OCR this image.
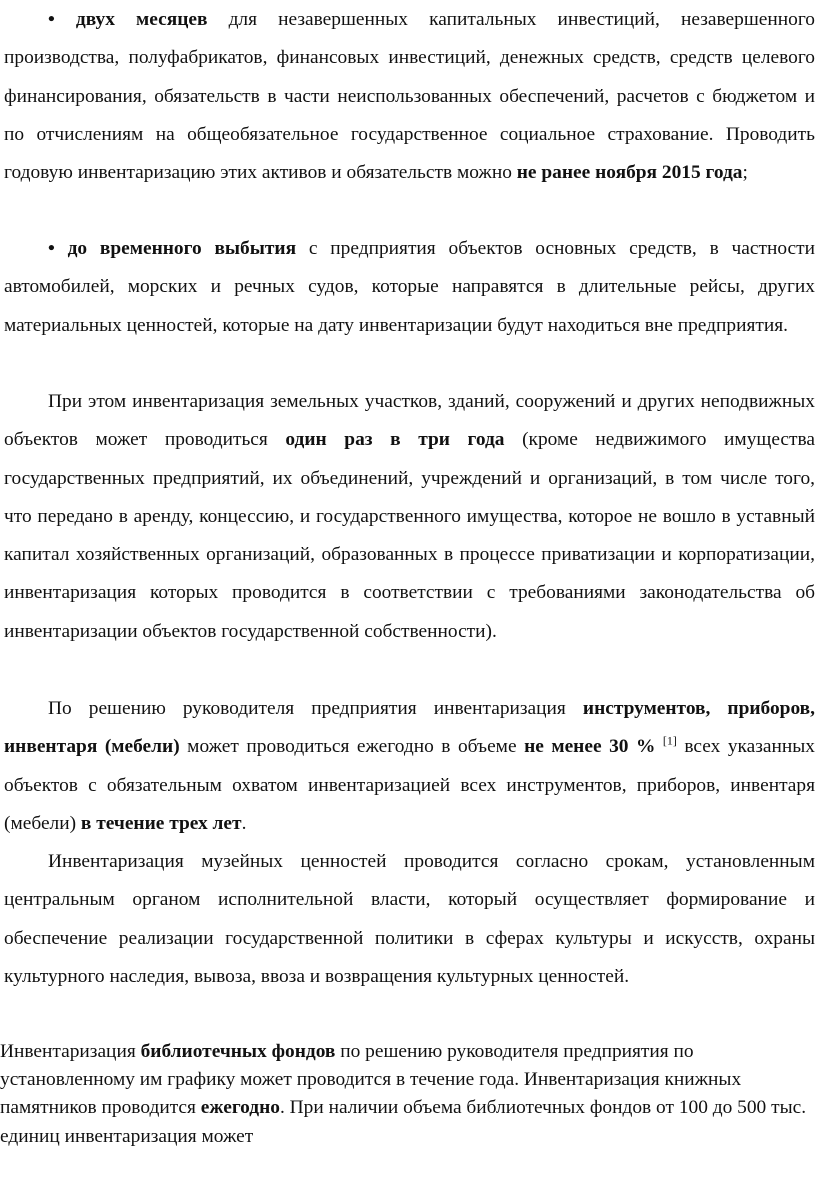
• двух месяцев для незавершенных капитальных инвестиций, незавершенного производства, полуфабрикатов, финансовых инвестиций, денежных средств, средств целевого финансирования, обязательств в части неиспользованных обеспечений, расчетов с бюджетом и по отчислениям на общеобязательное государственное социальное страхование. Проводить годовую инвентаризацию этих активов и обязательств можно не ранее ноября 2015 года;

• до временного выбытия с предприятия объектов основных средств, в частности автомобилей, морских и речных судов, которые направятся в длительные рейсы, других материальных ценностей, которые на дату инвентаризации будут находиться вне предприятия.

При этом инвентаризация земельных участков, зданий, сооружений и других неподвижных объектов может проводиться один раз в три года (кроме недвижимого имущества государственных предприятий, их объединений, учреждений и организаций, в том числе того, что передано в аренду, концессию, и государственного имущества, которое не вошло в уставный капитал хозяйственных организаций, образованных в процессе приватизации и корпоратизации, инвентаризация которых проводится в соответствии с требованиями законодательства об инвентаризации объектов государственной собственности).

По решению руководителя предприятия инвентаризация инструментов, приборов, инвентаря (мебели) может проводиться ежегодно в объеме не менее 30 % [1] всех указанных объектов с обязательным охватом инвентаризацией всех инструментов, приборов, инвентаря (мебели) в течение трех лет.

Инвентаризация музейных ценностей проводится согласно срокам, установленным центральным органом исполнительной власти, который осуществляет формирование и обеспечение реализации государственной политики в сферах культуры и искусств, охраны культурного наследия, вывоза, ввоза и возвращения культурных ценностей.

Инвентаризация библиотечных фондов по решению руководителя предприятия по установленному им графику может проводится в течение года. Инвентаризация книжных памятников проводится ежегодно. При наличии объема библиотечных фондов от 100 до 500 тыс. единиц инвентаризация может
